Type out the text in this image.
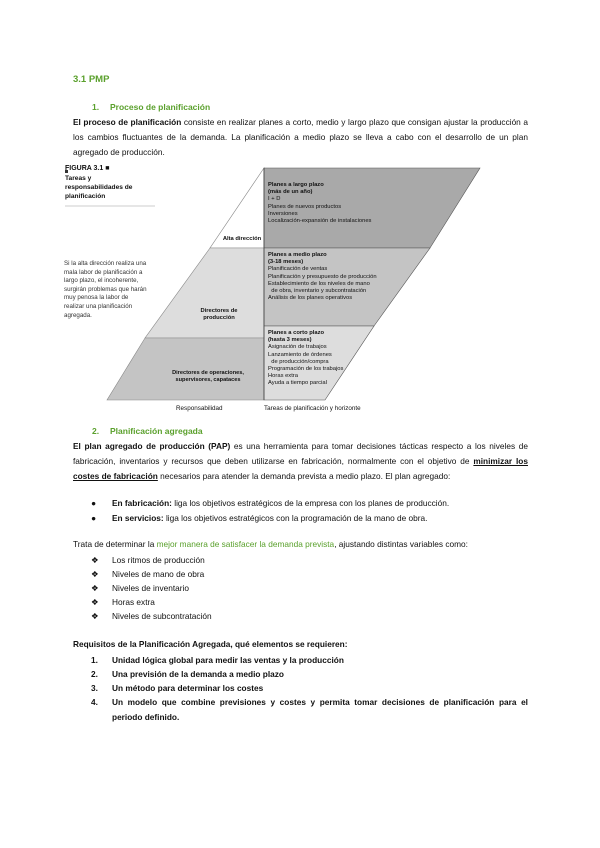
3.1 PMP
1. Proceso de planificación
El proceso de planificación consiste en realizar planes a corto, medio y largo plazo que consigan ajustar la producción a los cambios fluctuantes de la demanda. La planificación a medio plazo se lleva a cabo con el desarrollo de un plan agregado de producción.
FIGURA 3.1 ■
Tareas y responsabilidades de planificación
Si la alta dirección realiza una mala labor de planificación a largo plazo, el incoherente, surgirán problemas que harán muy penosa la labor de realizar una planificación agregada.
Alta dirección
Directores de producción
Directores de operaciones, supervisores, capataces
Planes a largo plazo
(más de un año)
I + D
Planes de nuevos productos
Inversiones
Localización-expansión de instalaciones
Planes a medio plazo
(3-18 meses)
Planificación de ventas
Planificación y presupuesto de producción
Establecimiento de los niveles de mano
de obra, inventario y subcontratación
Análisis de los planes operativos
Planes a corto plazo
(hasta 3 meses)
Asignación de trabajos
Lanzamiento de órdenes
de producción/compra
Programación de los trabajos
Horas extra
Ayuda a tiempo parcial
Responsabilidad	Tareas de planificación y horizonte
2. Planificación agregada
El plan agregado de producción (PAP) es una herramienta para tomar decisiones tácticas respecto a los niveles de fabricación, inventarios y recursos que deben utilizarse en fabricación, normalmente con el objetivo de minimizar los costes de fabricación necesarios para atender la demanda prevista a medio plazo. El plan agregado:
●	En fabricación: liga los objetivos estratégicos de la empresa con los planes de producción.
●	En servicios: liga los objetivos estratégicos con la programación de la mano de obra.
Trata de determinar la mejor manera de satisfacer la demanda prevista, ajustando distintas variables como:
❖	Los ritmos de producción
❖	Niveles de mano de obra
❖	Niveles de inventario
❖	Horas extra
❖	Niveles de subcontratación
Requisitos de la Planificación Agregada, qué elementos se requieren:
1.	Unidad lógica global para medir las ventas y la producción
2.	Una previsión de la demanda a medio plazo
3.	Un método para determinar los costes
4.	Un modelo que combine previsiones y costes y permita tomar decisiones de planificación para el periodo definido.
